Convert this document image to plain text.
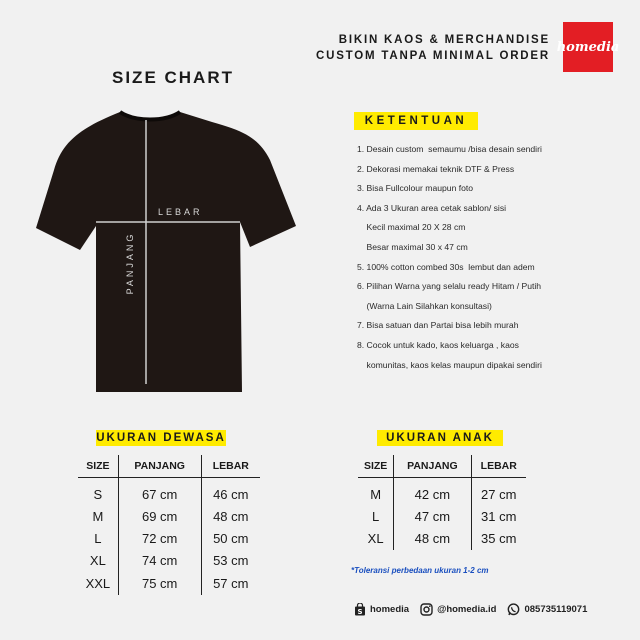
BIKIN KAOS & MERCHANDISE
CUSTOM TANPA MINIMAL ORDER
homedia
SIZE CHART
LEBAR
PANJANG
KETENTUAN
1. Desain custom  semaumu /bisa desain sendiri
2. Dekorasi memakai teknik DTF & Press
3. Bisa Fullcolour maupun foto
4. Ada 3 Ukuran area cetak sablon/ sisi
Kecil maximal 20 X 28 cm
Besar maximal 30 x 47 cm
5. 100% cotton combed 30s  lembut dan adem
6. Pilihan Warna yang selalu ready Hitam / Putih
(Warna Lain Silahkan konsultasi)
7. Bisa satuan dan Partai bisa lebih murah
8. Cocok untuk kado, kaos keluarga , kaos
komunitas, kaos kelas maupun dipakai sendiri
UKURAN DEWASA
SIZE	PANJANG	LEBAR
S	67 cm	46 cm
M	69 cm	48 cm
L	72 cm	50 cm
XL	74 cm	53 cm
XXL	75 cm	57 cm
UKURAN ANAK
SIZE	PANJANG	LEBAR
M	42 cm	27 cm
L	47 cm	31 cm
XL	48 cm	35 cm
*Toleransi perbedaan ukuran 1-2 cm
S homedia	@homedia.id	085735119071
